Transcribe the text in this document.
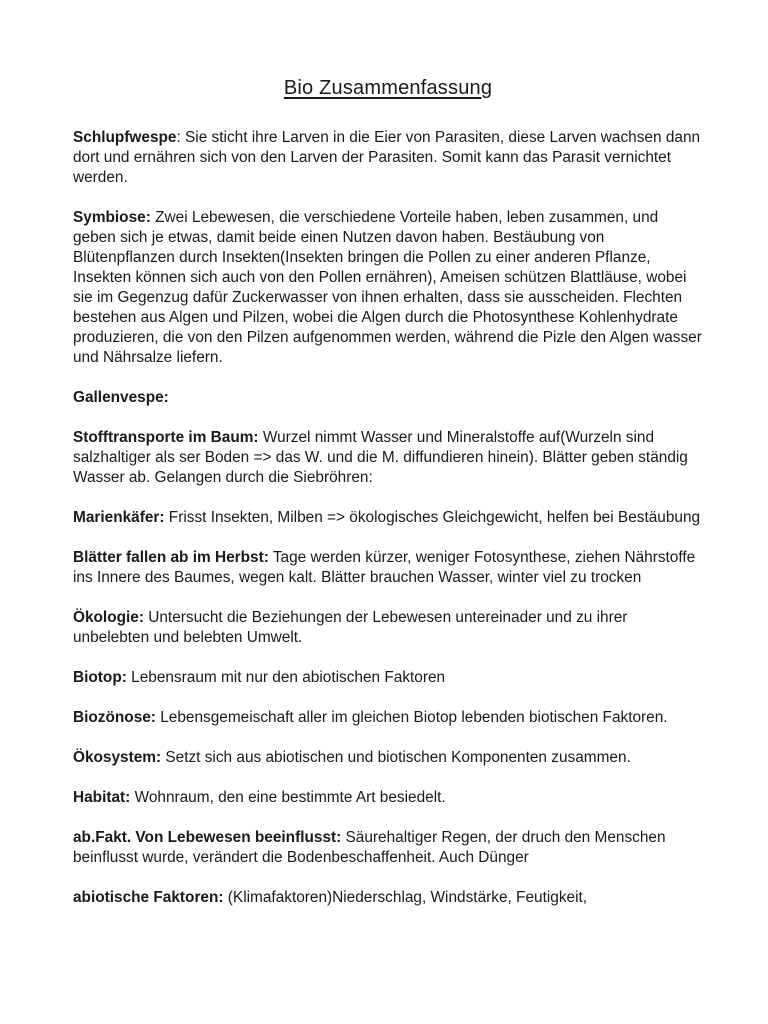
Bio Zusammenfassung

Schlupfwespe: Sie sticht ihre Larven in die Eier von Parasiten, diese Larven wachsen dann dort und ernähren sich von den Larven der Parasiten. Somit kann das Parasit vernichtet werden.

Symbiose: Zwei Lebewesen, die verschiedene Vorteile haben, leben zusammen, und geben sich je etwas, damit beide einen Nutzen davon haben. Bestäubung von Blütenpflanzen durch Insekten(Insekten bringen die Pollen zu einer anderen Pflanze, Insekten können sich auch von den Pollen ernähren), Ameisen schützen Blattläuse, wobei sie im Gegenzug dafür Zuckerwasser von ihnen erhalten, dass sie ausscheiden. Flechten bestehen aus Algen und Pilzen, wobei die Algen durch die Photosynthese Kohlenhydrate produzieren, die von den Pilzen aufgenommen werden, während die Pizle den Algen wasser und Nährsalze liefern.

Gallenvespe:

Stofftransporte im Baum: Wurzel nimmt Wasser und Mineralstoffe auf(Wurzeln sind salzhaltiger als ser Boden => das W. und die M. diffundieren hinein). Blätter geben ständig Wasser ab. Gelangen durch die Siebröhren:

Marienkäfer: Frisst Insekten, Milben => ökologisches Gleichgewicht, helfen bei Bestäubung

Blätter fallen ab im Herbst: Tage werden kürzer, weniger Fotosynthese, ziehen Nährstoffe ins Innere des Baumes, wegen kalt. Blätter brauchen Wasser, winter viel zu trocken

Ökologie: Untersucht die Beziehungen der Lebewesen untereinader und zu ihrer unbelebten und belebten Umwelt.

Biotop: Lebensraum mit nur den abiotischen Faktoren

Biozönose: Lebensgemeischaft aller im gleichen Biotop lebenden biotischen Faktoren.

Ökosystem: Setzt sich aus abiotischen und biotischen Komponenten zusammen.

Habitat: Wohnraum, den eine bestimmte Art besiedelt.

ab.Fakt. Von Lebewesen beeinflusst: Säurehaltiger Regen, der druch den Menschen beinflusst wurde, verändert die Bodenbeschaffenheit. Auch Dünger

abiotische Faktoren: (Klimafaktoren)Niederschlag, Windstärke, Feutigkeit,
